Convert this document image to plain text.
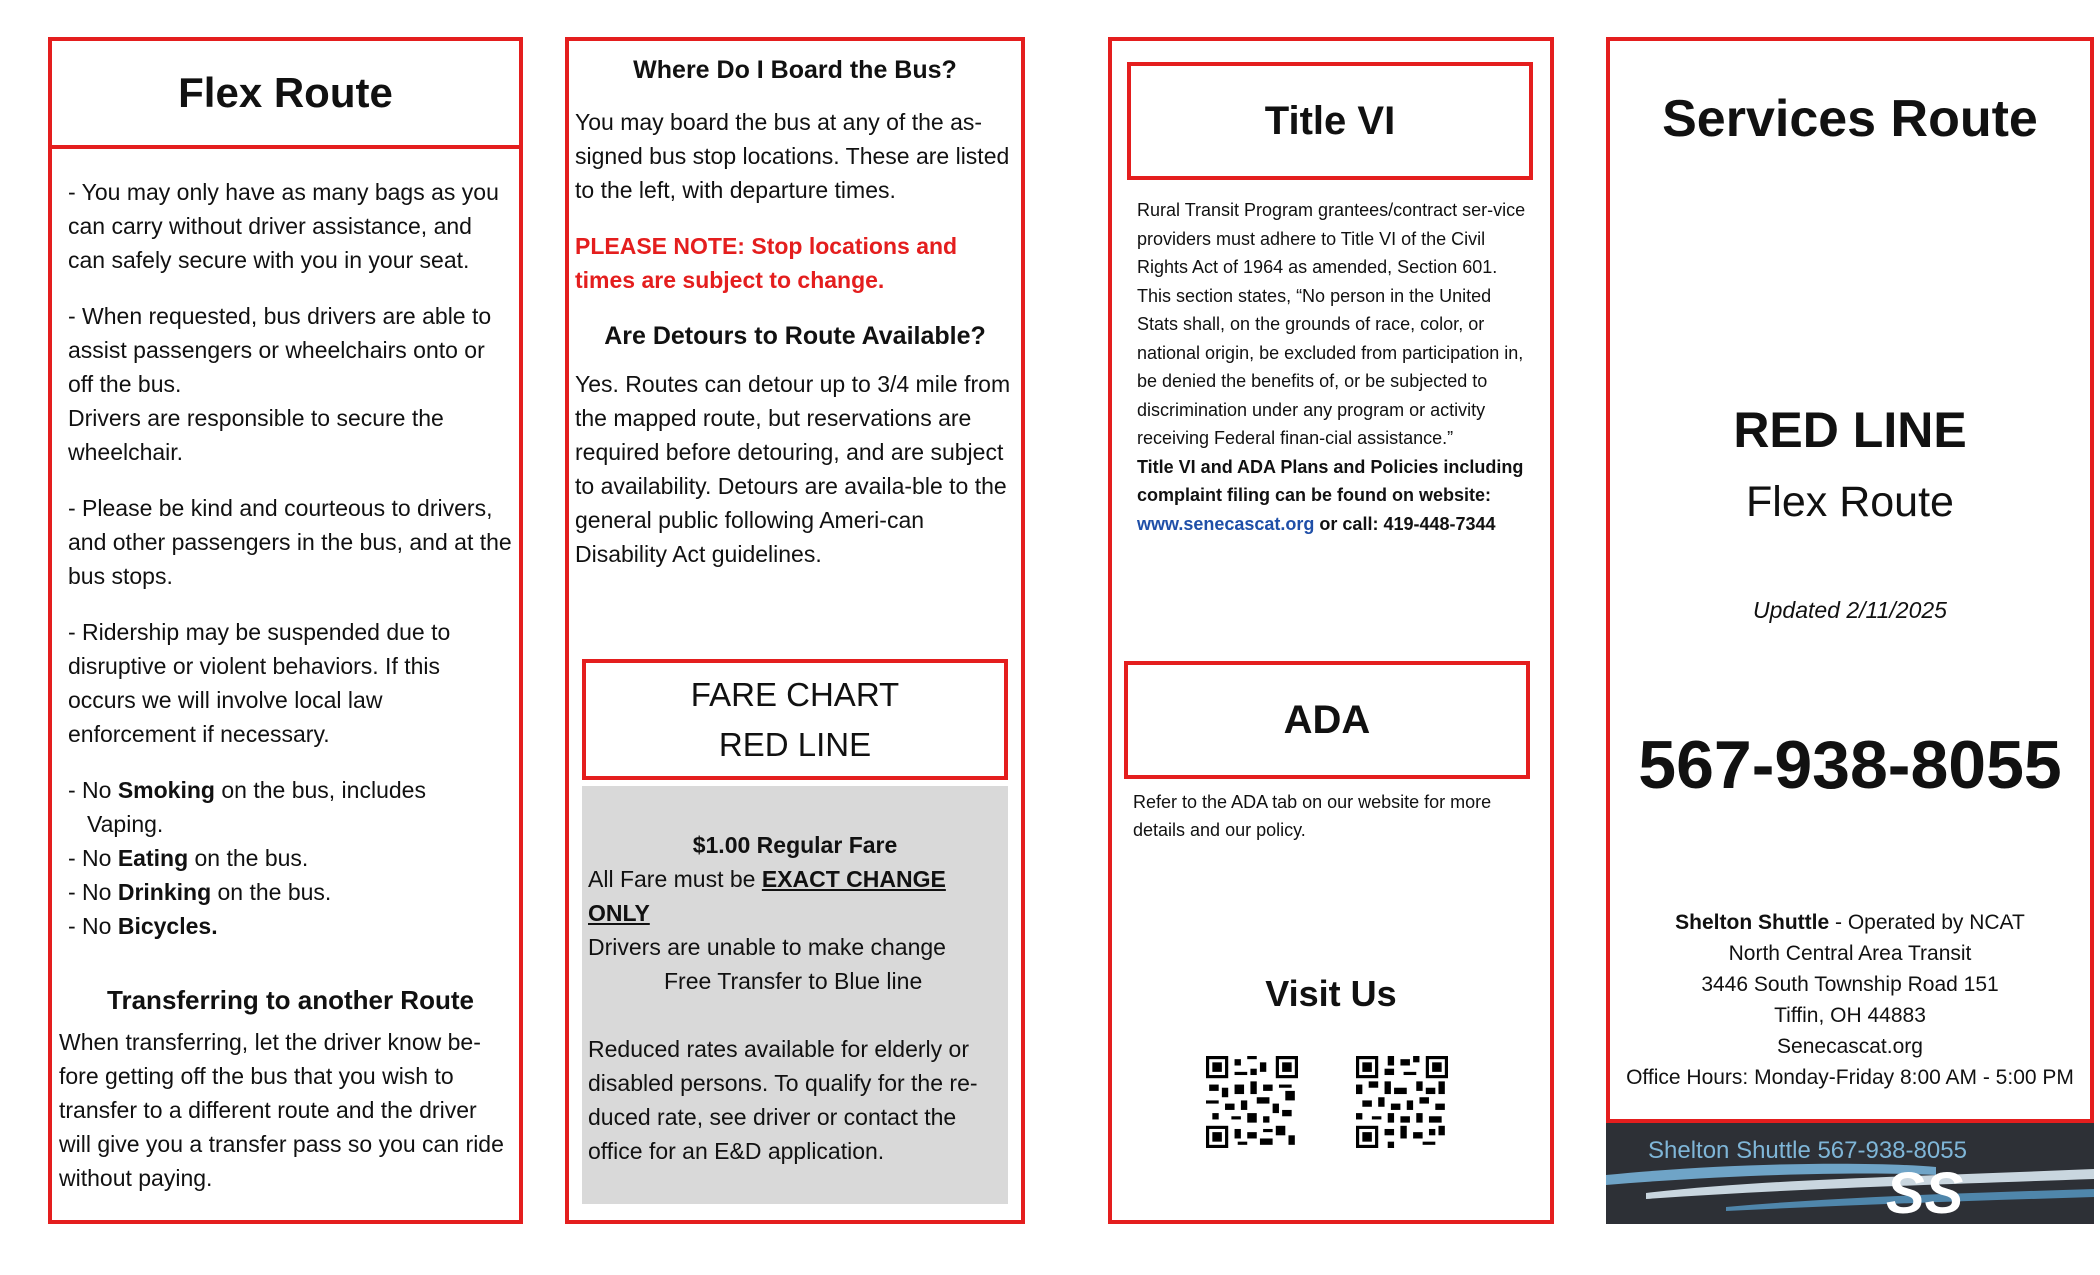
Flex Route

- You may only have as many bags as you can carry without driver assistance, and can safely secure with you in your seat.

- When requested, bus drivers are able to assist passengers or wheelchairs onto or off the bus.

Drivers are responsible to secure the wheelchair.

- Please be kind and courteous to drivers, and other passengers in the bus, and at the bus stops.

- Ridership may be suspended due to disruptive or violent behaviors. If this occurs we will involve local law enforcement if necessary.

- No Smoking on the bus, includes
Vaping.
- No Eating on the bus.
- No Drinking on the bus.
- No Bicycles.
Transferring to another Route
When transferring, let the driver know be-fore getting off the bus that you wish to transfer to a different route and the driver will give you a transfer pass so you can ride without paying.
Where Do I Board the Bus?

You may board the bus at any of the as-signed bus stop locations. These are listed to the left, with departure times.

PLEASE NOTE: Stop locations and times are subject to change.

Are Detours to Route Available?

Yes. Routes can detour up to 3/4 mile from the mapped route, but reservations are required before detouring, and are subject to availability. Detours are availa-ble to the general public following Ameri-can Disability Act guidelines.

FARE CHART
RED LINE
$1.00 Regular Fare
All Fare must be EXACT CHANGE ONLY
Drivers are unable to make change
Free Transfer to Blue line
Reduced rates available for elderly or disabled persons. To qualify for the re-duced rate, see driver or contact the office for an E&D application.
Title VI
Rural Transit Program grantees/contract ser-vice providers must adhere to Title VI of the Civil Rights Act of 1964 as amended, Section 601. This section states, “No person in the United Stats shall, on the grounds of race, color, or national origin, be excluded from participation in, be denied the benefits of, or be subjected to discrimination under any program or activity receiving Federal finan-cial assistance.”
Title VI and ADA Plans and Policies including complaint filing can be found on website:
www.senecascat.org or call: 419-448-7344
ADA
Refer to the ADA tab on our website for more details and our policy.
Visit Us
Services Route
RED LINE
Flex Route
Updated 2/11/2025
567-938-8055
Shelton Shuttle - Operated by NCAT
North Central Area Transit
3446 South Township Road 151
Tiffin, OH 44883
Senecascat.org
Office Hours: Monday-Friday 8:00 AM - 5:00 PM
Shelton Shuttle 567-938-8055
SS
